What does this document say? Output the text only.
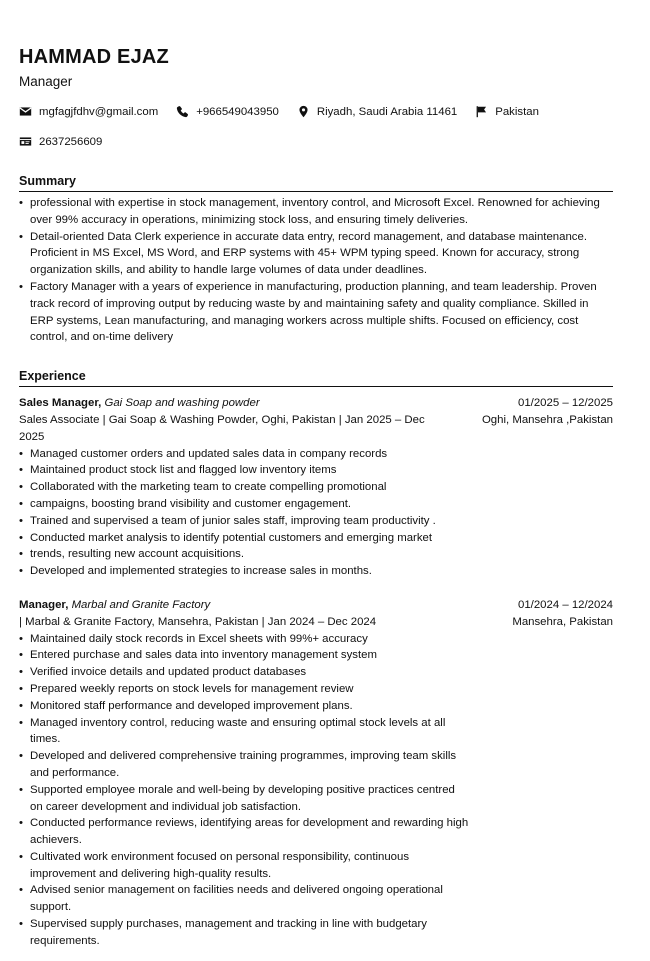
HAMMAD EJAZ
Manager
mgfagjfdhv@gmail.com	+966549043950	Riyadh, Saudi Arabia 11461	Pakistan
2637256609
Summary
• professional with expertise in stock management, inventory control, and Microsoft Excel. Renowned for achieving over 99% accuracy in operations, minimizing stock loss, and ensuring timely deliveries.
• Detail-oriented Data Clerk experience in accurate data entry, record management, and database maintenance. Proficient in MS Excel, MS Word, and ERP systems with 45+ WPM typing speed. Known for accuracy, strong organization skills, and ability to handle large volumes of data under deadlines.
• Factory Manager with a years of experience in manufacturing, production planning, and team leadership. Proven track record of improving output by reducing waste by and maintaining safety and quality compliance. Skilled in ERP systems, Lean manufacturing, and managing workers across multiple shifts. Focused on efficiency, cost control, and on-time delivery
Experience
Sales Manager, Gai Soap and washing powder
Sales Associate | Gai Soap & Washing Powder, Oghi, Pakistan | Jan 2025 – Dec 2025
01/2025 – 12/2025
Oghi, Mansehra ,Pakistan
• Managed customer orders and updated sales data in company records
• Maintained product stock list and flagged low inventory items
• Collaborated with the marketing team to create compelling promotional
• campaigns, boosting brand visibility and customer engagement.
• Trained and supervised a team of junior sales staff, improving team productivity .
• Conducted market analysis to identify potential customers and emerging market
• trends, resulting new account acquisitions.
• Developed and implemented strategies to increase sales in months.
Manager, Marbal and Granite Factory
| Marbal & Granite Factory, Mansehra, Pakistan | Jan 2024 – Dec 2024
01/2024 – 12/2024
Mansehra, Pakistan
• Maintained daily stock records in Excel sheets with 99%+ accuracy
• Entered purchase and sales data into inventory management system
• Verified invoice details and updated product databases
• Prepared weekly reports on stock levels for management review
• Monitored staff performance and developed improvement plans.
• Managed inventory control, reducing waste and ensuring optimal stock levels at all times.
• Developed and delivered comprehensive training programmes, improving team skills and performance.
• Supported employee morale and well-being by developing positive practices centred on career development and individual job satisfaction.
• Conducted performance reviews, identifying areas for development and rewarding high achievers.
• Cultivated work environment focused on personal responsibility, continuous improvement and delivering high-quality results.
• Advised senior management on facilities needs and delivered ongoing operational support.
• Supervised supply purchases, management and tracking in line with budgetary requirements.
